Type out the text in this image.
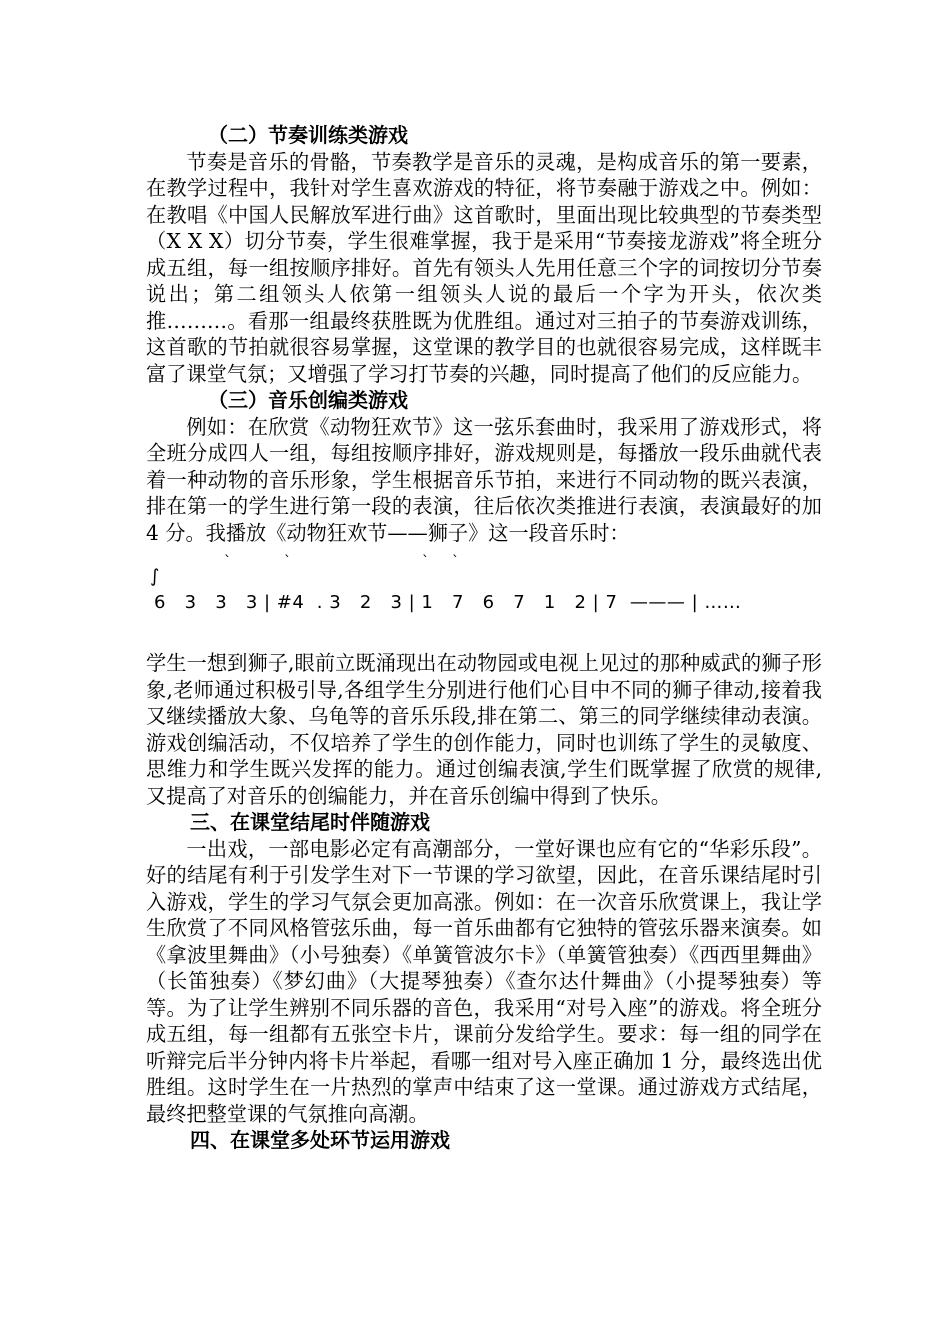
（二）节奏训练类游戏
节奏是音乐的骨骼，节奏教学是音乐的灵魂，是构成音乐的第一要素，在教学过程中，我针对学生喜欢游戏的特征，将节奏融于游戏之中。例如：在教唱《中国人民解放军进行曲》这首歌时，里面出现比较典型的节奏类型（X X X）切分节奏，学生很难掌握，我于是采用“节奏接龙游戏”将全班分成五组，每一组按顺序排好。首先有领头人先用任意三个字的词按切分节奏说出；第二组领头人依第一组领头人说的最后一个字为开头，依次类推………。看那一组最终获胜既为优胜组。通过对三拍子的节奏游戏训练，这首歌的节拍就很容易掌握，这堂课的教学目的也就很容易完成，这样既丰富了课堂气氛；又增强了学习打节奏的兴趣，同时提高了他们的反应能力。
（三）音乐创编类游戏
例如：在欣赏《动物狂欢节》这一弦乐套曲时，我采用了游戏形式，将全班分成四人一组，每组按顺序排好，游戏规则是，每播放一段乐曲就代表着一种动物的音乐形象，学生根据音乐节拍，来进行不同动物的既兴表演，排在第一的学生进行第一段的表演，往后依次类推进行表演，表演最好的加 4 分。我播放《动物狂欢节——狮子》这一段音乐时：
`	`	` `
∫
6   3   3   3 | #4  . 3   2   3 | 1   7   6   7   1   2 | 7  ——— | ……
学生一想到狮子,眼前立既涌现出在动物园或电视上见过的那种威武的狮子形象,老师通过积极引导,各组学生分别进行他们心目中不同的狮子律动,接着我又继续播放大象、乌龟等的音乐乐段,排在第二、第三的同学继续律动表演。游戏创编活动，不仅培养了学生的创作能力，同时也训练了学生的灵敏度、思维力和学生既兴发挥的能力。通过创编表演,学生们既掌握了欣赏的规律,又提高了对音乐的创编能力，并在音乐创编中得到了快乐。
三、在课堂结尾时伴随游戏
一出戏，一部电影必定有高潮部分，一堂好课也应有它的“华彩乐段”。好的结尾有利于引发学生对下一节课的学习欲望，因此，在音乐课结尾时引入游戏，学生的学习气氛会更加高涨。例如：在一次音乐欣赏课上，我让学生欣赏了不同风格管弦乐曲，每一首乐曲都有它独特的管弦乐器来演奏。如《拿波里舞曲》（小号独奏）《单簧管波尔卡》（单簧管独奏）《西西里舞曲》（长笛独奏）《梦幻曲》（大提琴独奏）《查尔达什舞曲》（小提琴独奏）等等。为了让学生辨别不同乐器的音色，我采用“对号入座”的游戏。将全班分成五组，每一组都有五张空卡片，课前分发给学生。要求：每一组的同学在听辩完后半分钟内将卡片举起，看哪一组对号入座正确加 1 分，最终选出优胜组。这时学生在一片热烈的掌声中结束了这一堂课。通过游戏方式结尾，最终把整堂课的气氛推向高潮。
四、在课堂多处环节运用游戏
